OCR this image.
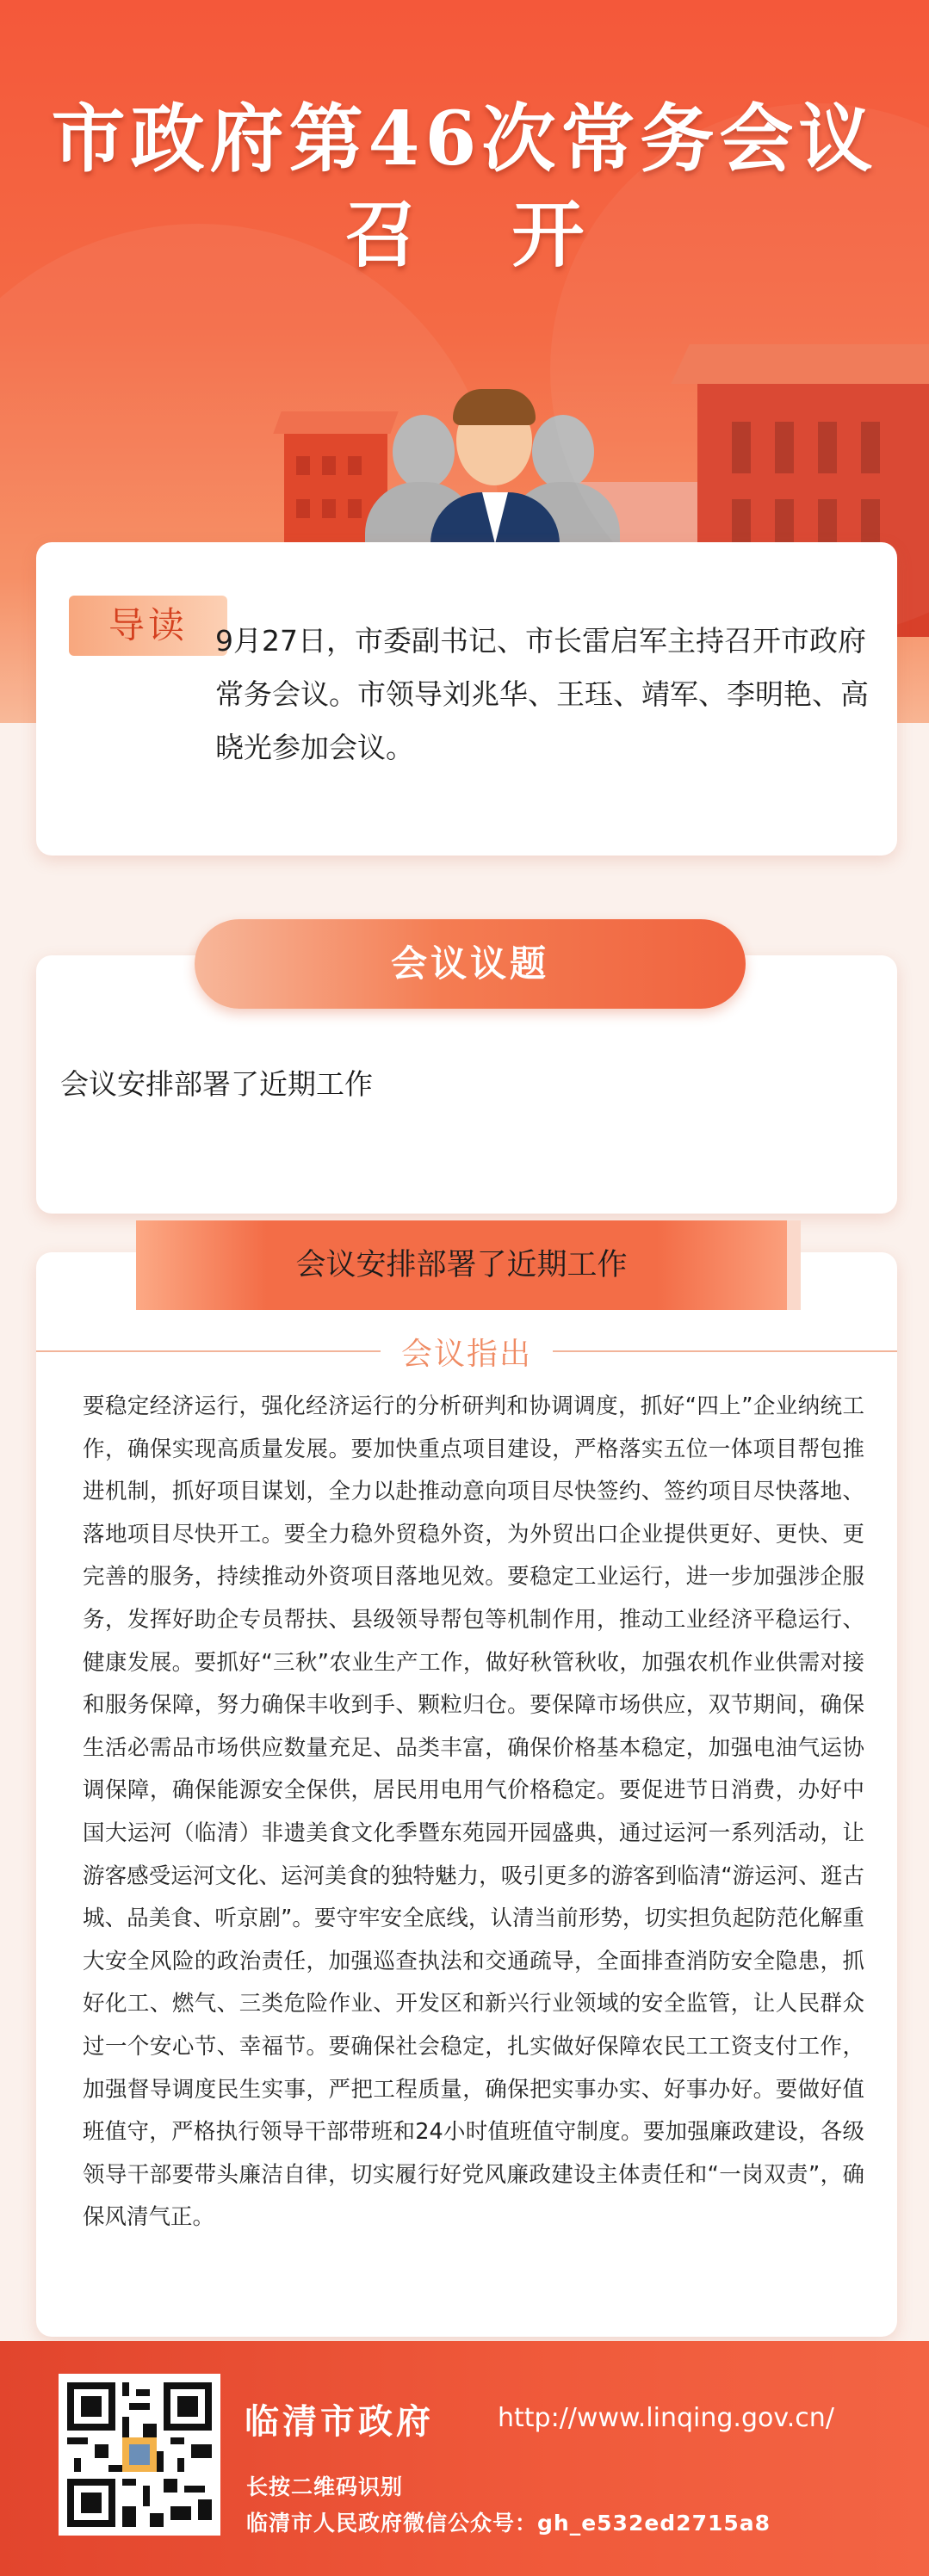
市政府第46次常务会议
召开
导读 9月27日，市委副书记、市长雷启军主持召开市政府常务会议。市领导刘兆华、王珏、靖军、李明艳、高晓光参加会议。
会议安排部署了近期工作
会议议题
会议安排部署了近期工作
会议指出
要稳定经济运行，强化经济运行的分析研判和协调调度，抓好“四上”企业纳统工作，确保实现高质量发展。要加快重点项目建设，严格落实五位一体项目帮包推进机制，抓好项目谋划，全力以赴推动意向项目尽快签约、签约项目尽快落地、落地项目尽快开工。要全力稳外贸稳外资，为外贸出口企业提供更好、更快、更完善的服务，持续推动外资项目落地见效。要稳定工业运行，进一步加强涉企服务，发挥好助企专员帮扶、县级领导帮包等机制作用，推动工业经济平稳运行、健康发展。要抓好“三秋”农业生产工作，做好秋管秋收，加强农机作业供需对接和服务保障，努力确保丰收到手、颗粒归仓。要保障市场供应，双节期间，确保生活必需品市场供应数量充足、品类丰富，确保价格基本稳定，加强电油气运协调保障，确保能源安全保供，居民用电用气价格稳定。要促进节日消费，办好中国大运河（临清）非遗美食文化季暨东苑园开园盛典，通过运河一系列活动，让游客感受运河文化、运河美食的独特魅力，吸引更多的游客到临清“游运河、逛古城、品美食、听京剧”。要守牢安全底线，认清当前形势，切实担负起防范化解重大安全风险的政治责任，加强巡查执法和交通疏导，全面排查消防安全隐患，抓好化工、燃气、三类危险作业、开发区和新兴行业领域的安全监管，让人民群众过一个安心节、幸福节。要确保社会稳定，扎实做好保障农民工工资支付工作，加强督导调度民生实事，严把工程质量，确保把实事办实、好事办好。要做好值班值守，严格执行领导干部带班和24小时值班值守制度。要加强廉政建设，各级领导干部要带头廉洁自律，切实履行好党风廉政建设主体责任和“一岗双责”，确保风清气正。
临清市政府 http://www.linqing.gov.cn/
长按二维码识别
临清市人民政府微信公众号：gh_e532ed2715a8
